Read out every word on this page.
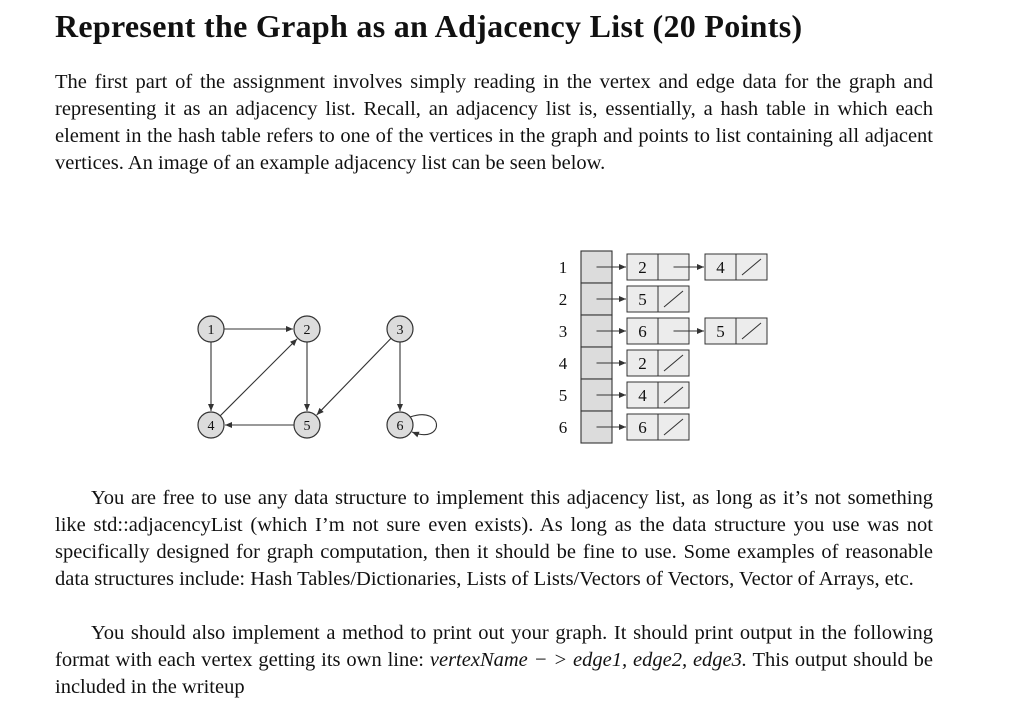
Represent the Graph as an Adjacency List (20 Points)

The first part of the assignment involves simply reading in the vertex and edge data for the graph and representing it as an adjacency list. Recall, an adjacency list is, essentially, a hash table in which each element in the hash table refers to one of the vertices in the graph and points to list containing all adjacent vertices. An image of an example adjacency list can be seen below.

1	2	3
4	5	6
1	2	4
2	5
3	6	5
4	2
5	4
6	6

You are free to use any data structure to implement this adjacency list, as long as it’s not something like std::adjacencyList (which I’m not sure even exists). As long as the data structure you use was not specifically designed for graph computation, then it should be fine to use. Some examples of reasonable data structures include: Hash Tables/Dictionaries, Lists of Lists/Vectors of Vectors, Vector of Arrays, etc.

You should also implement a method to print out your graph. It should print output in the following format with each vertex getting its own line: vertexName − > edge1, edge2, edge3. This output should be included in the writeup
